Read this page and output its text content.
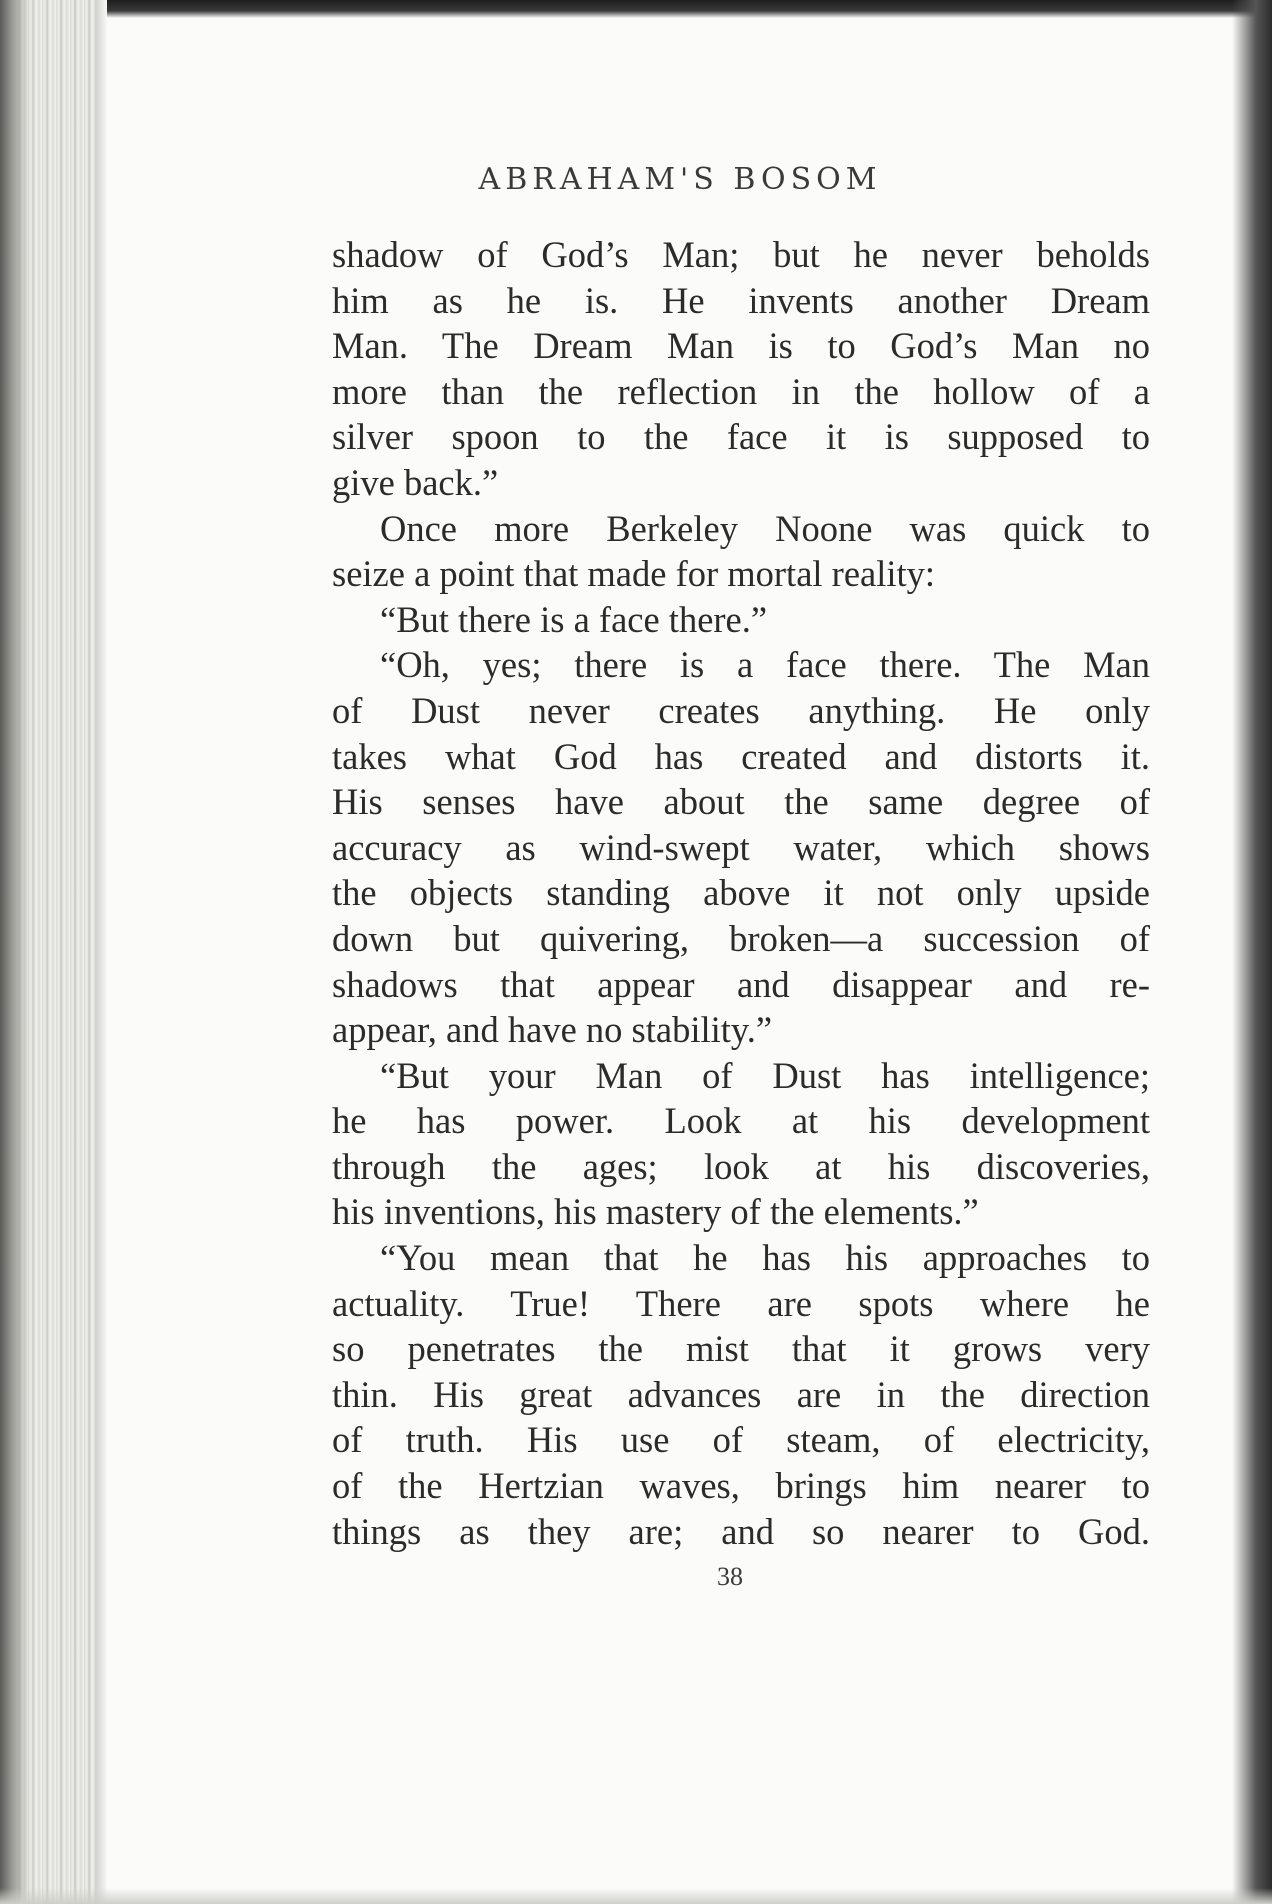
ABRAHAM'S BOSOM
shadow of God’s Man; but he never beholds
him as he is. He invents another Dream
Man. The Dream Man is to God’s Man no
more than the reflection in the hollow of a
silver spoon to the face it is supposed to
give back.”
Once more Berkeley Noone was quick to
seize a point that made for mortal reality:
“But there is a face there.”
“Oh, yes; there is a face there. The Man
of Dust never creates anything. He only
takes what God has created and distorts it.
His senses have about the same degree of
accuracy as wind-swept water, which shows
the objects standing above it not only upside
down but quivering, broken—a succession of
shadows that appear and disappear and re-
appear, and have no stability.”
“But your Man of Dust has intelligence;
he has power. Look at his development
through the ages; look at his discoveries,
his inventions, his mastery of the elements.”
“You mean that he has his approaches to
actuality. True! There are spots where he
so penetrates the mist that it grows very
thin. His great advances are in the direction
of truth. His use of steam, of electricity,
of the Hertzian waves, brings him nearer to
things as they are; and so nearer to God.
38
